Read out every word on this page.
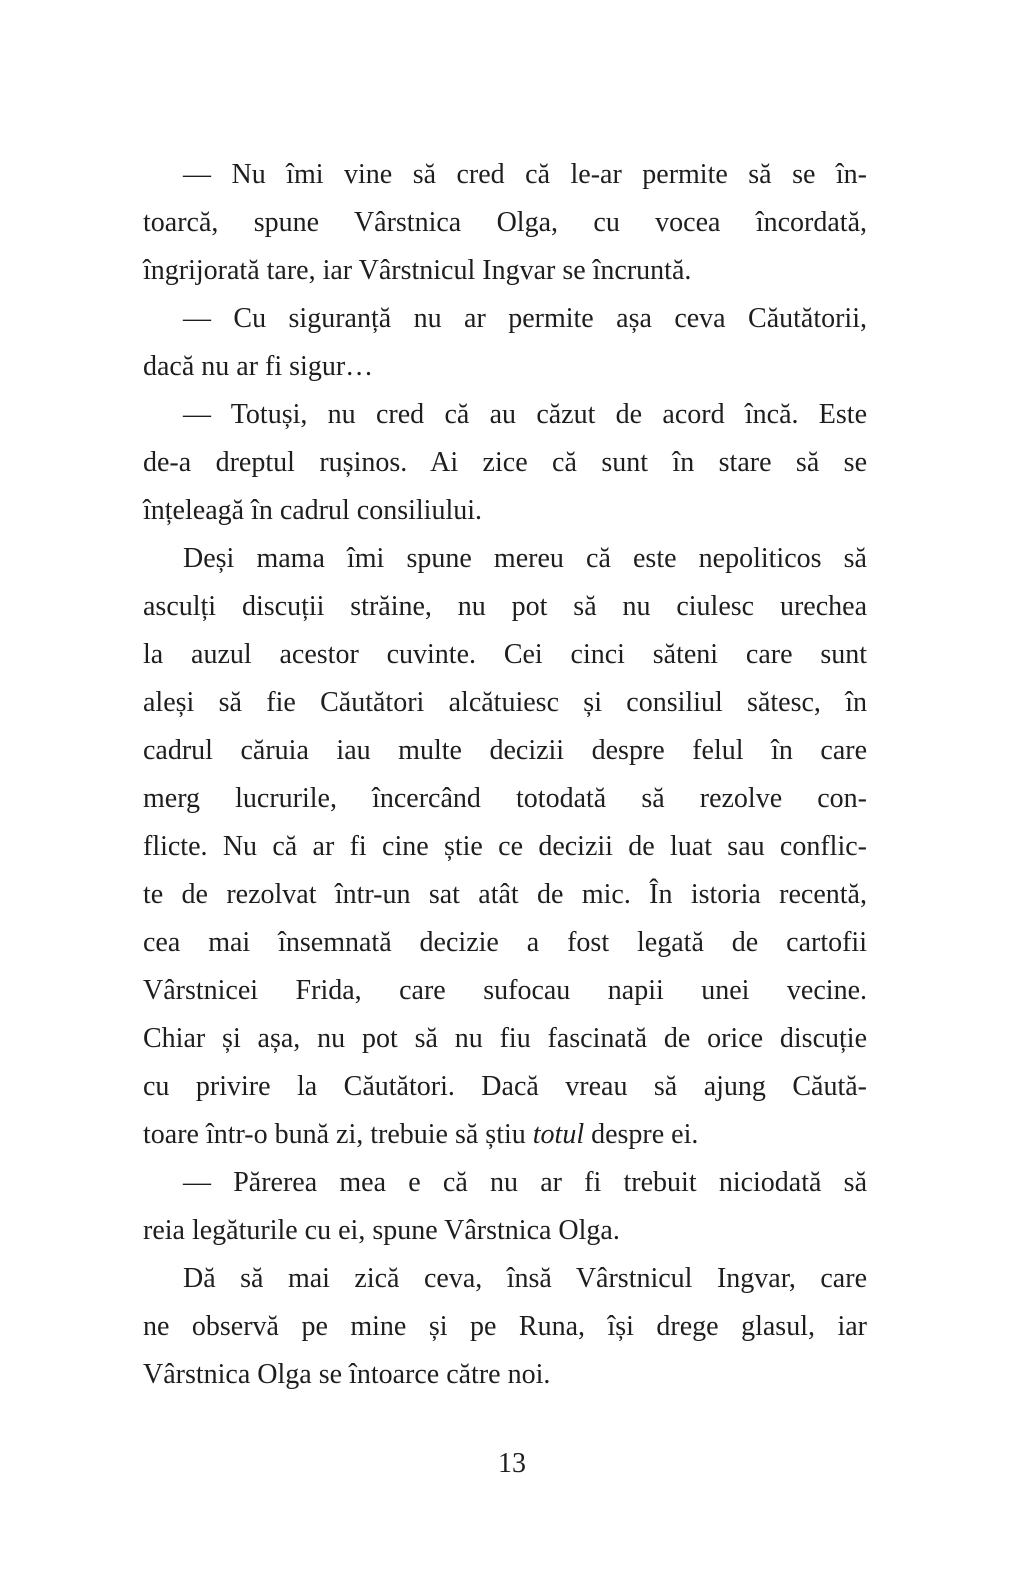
— Nu îmi vine să cred că le-ar permite să se în-
toarcă, spune Vârstnica Olga, cu vocea încordată,
îngrijorată tare, iar Vârstnicul Ingvar se încruntă.
— Cu siguranță nu ar permite așa ceva Căutătorii,
dacă nu ar fi sigur…
— Totuși, nu cred că au căzut de acord încă. Este
de-a dreptul rușinos. Ai zice că sunt în stare să se
înțeleagă în cadrul consiliului.
Deși mama îmi spune mereu că este nepoliticos să
asculți discuții străine, nu pot să nu ciulesc urechea
la auzul acestor cuvinte. Cei cinci săteni care sunt
aleși să fie Căutători alcătuiesc și consiliul sătesc, în
cadrul căruia iau multe decizii despre felul în care
merg lucrurile, încercând totodată să rezolve con-
flicte. Nu că ar fi cine știe ce decizii de luat sau conflic-
te de rezolvat într-un sat atât de mic. În istoria recentă,
cea mai însemnată decizie a fost legată de cartofii
Vârstnicei Frida, care sufocau napii unei vecine.
Chiar și așa, nu pot să nu fiu fascinată de orice discuție
cu privire la Căutători. Dacă vreau să ajung Căută-
toare într-o bună zi, trebuie să știu totul despre ei.
— Părerea mea e că nu ar fi trebuit niciodată să
reia legăturile cu ei, spune Vârstnica Olga.
Dă să mai zică ceva, însă Vârstnicul Ingvar, care
ne observă pe mine și pe Runa, își drege glasul, iar
Vârstnica Olga se întoarce către noi.
13
